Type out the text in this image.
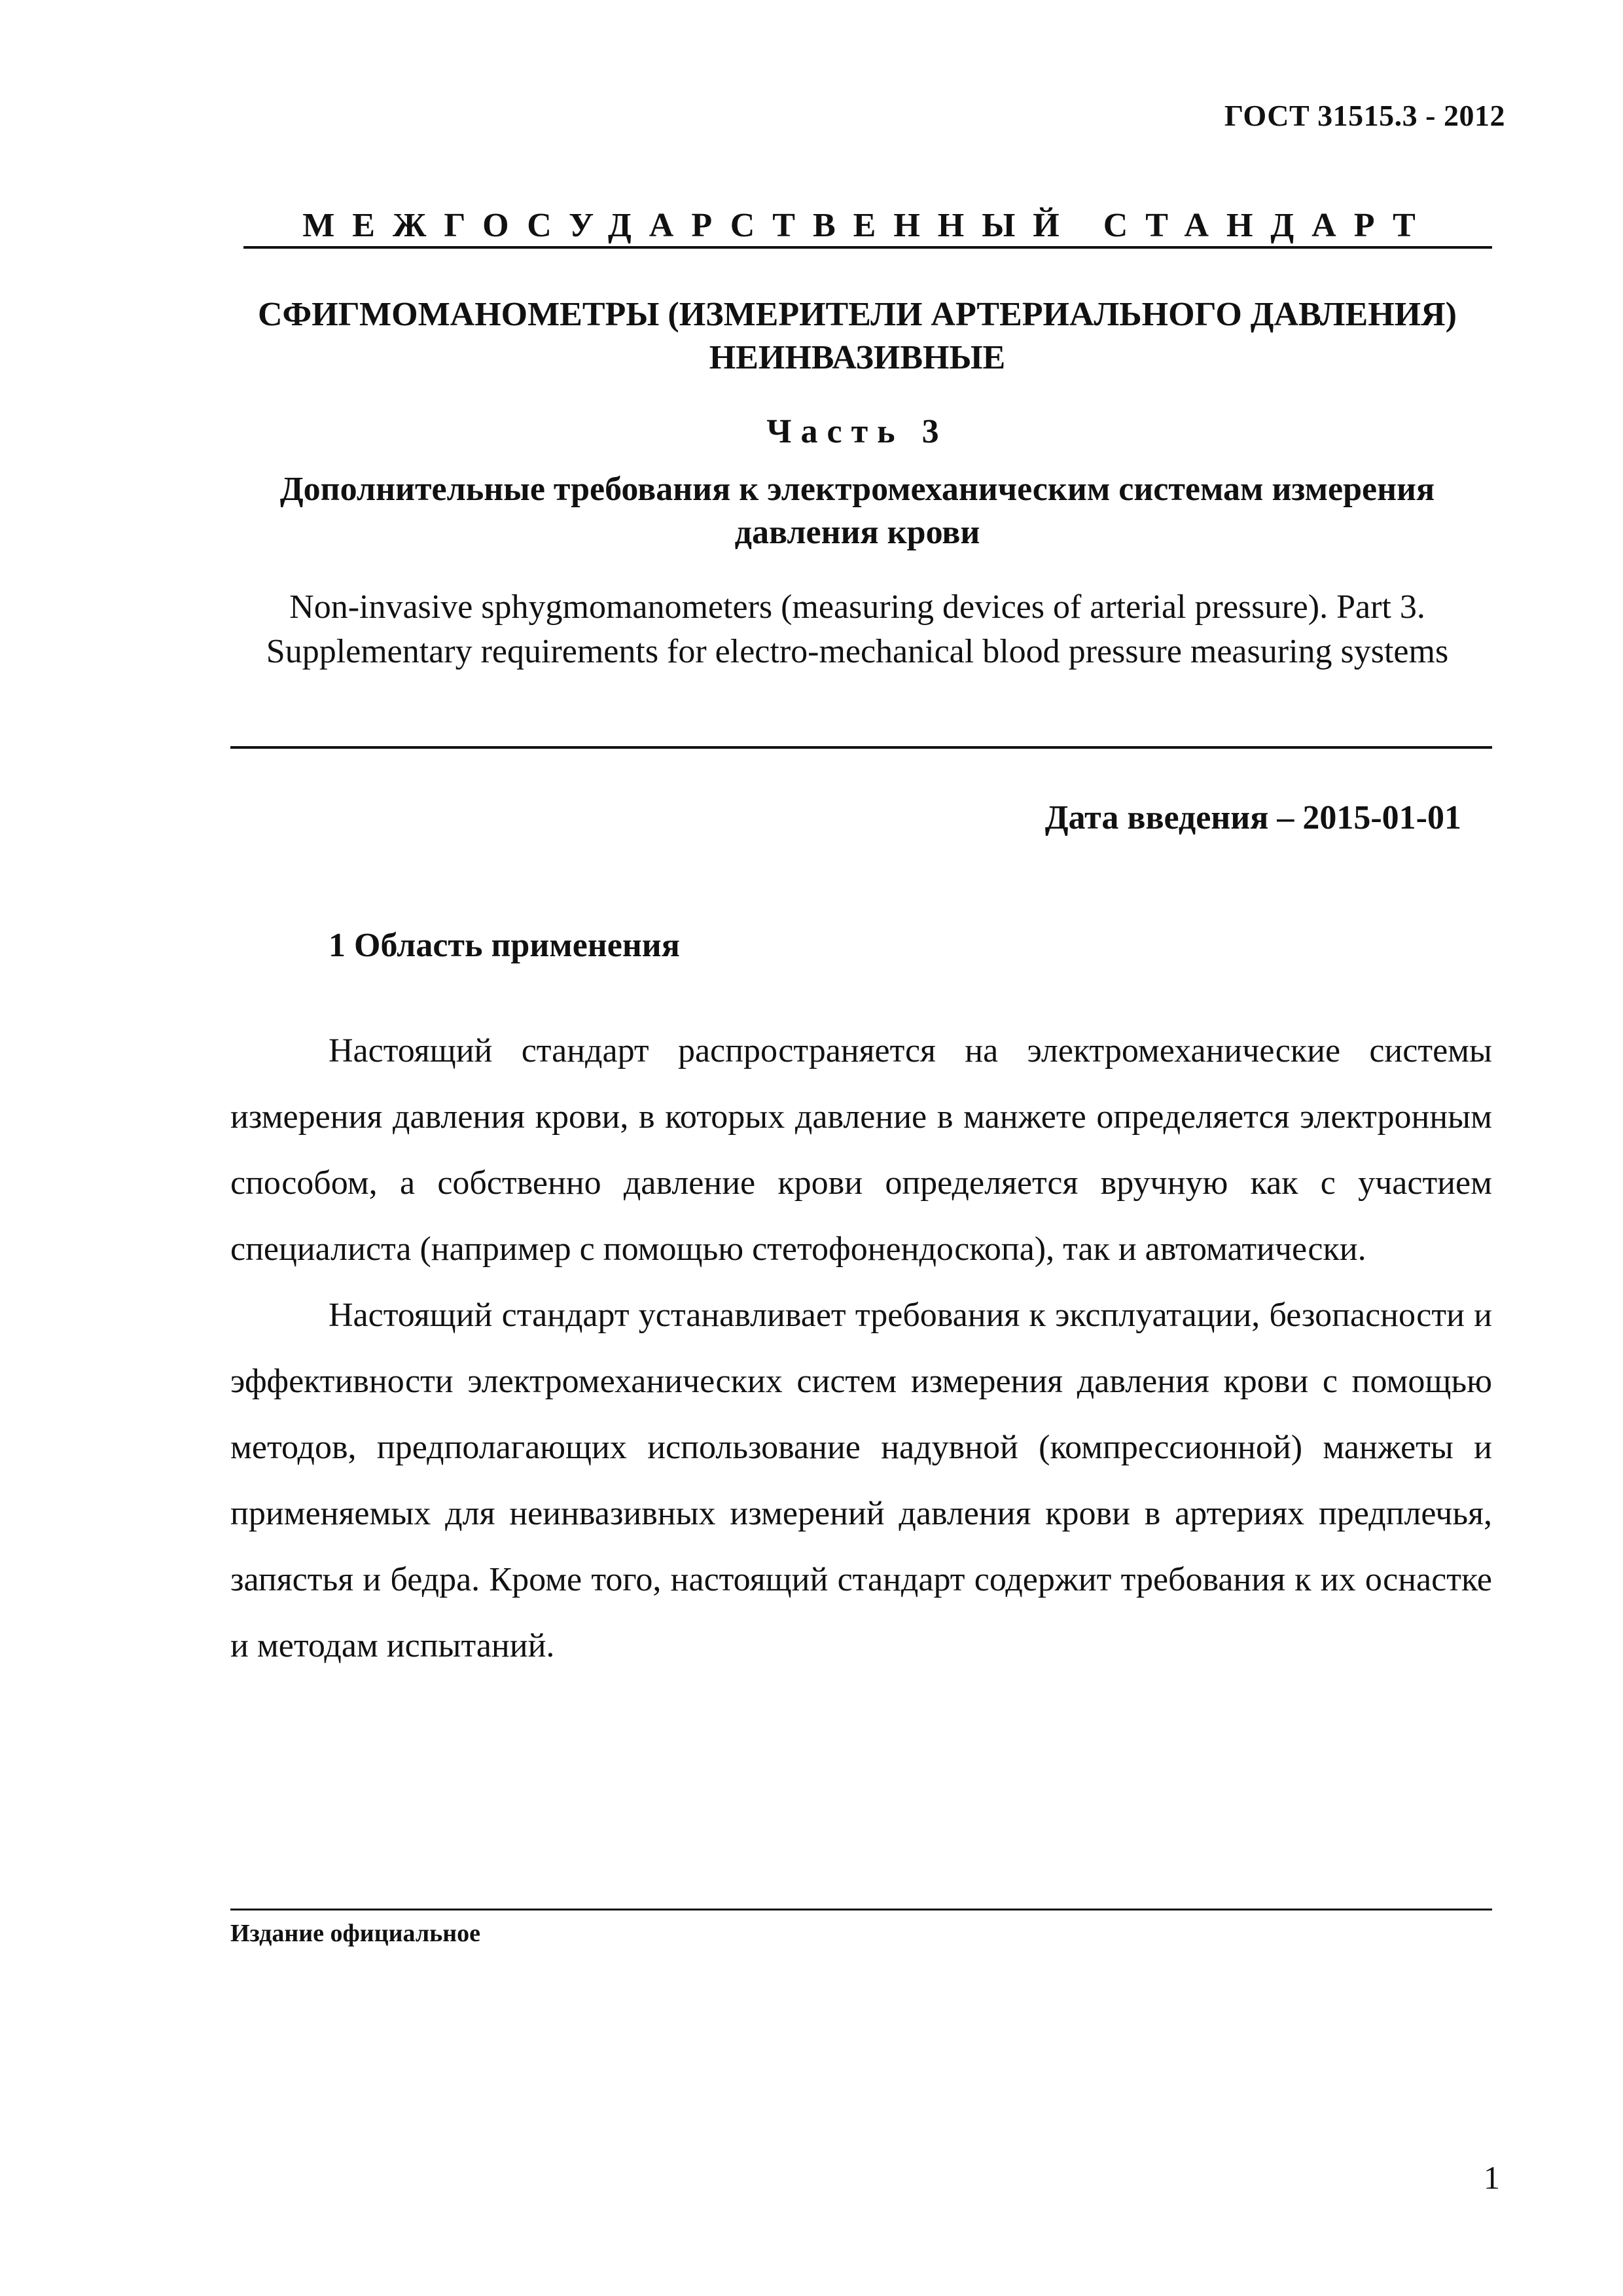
ГОСТ 31515.3 - 2012
МЕЖГОСУДАРСТВЕННЫЙ СТАНДАРТ
СФИГМОМАНОМЕТРЫ (ИЗМЕРИТЕЛИ АРТЕРИАЛЬНОГО ДАВЛЕНИЯ) НЕИНВАЗИВНЫЕ
Часть 3
Дополнительные требования к электромеханическим системам измерения давления крови
Non-invasive sphygmomanometers (measuring devices of arterial pressure). Part 3. Supplementary requirements for electro-mechanical blood pressure measuring systems
Дата введения – 2015-01-01
1 Область применения

Настоящий стандарт распространяется на электромеханические системы измерения давления крови, в которых давление в манжете определяется электронным способом, а собственно давление крови определяется вручную как с участием специалиста (например с помощью стетофонендоскопа), так и автоматически.

Настоящий стандарт устанавливает требования к эксплуатации, безопасности и эффективности электромеханических систем измерения давления крови с помощью методов, предполагающих использование надувной (компрессионной) манжеты и применяемых для неинвазивных измерений давления крови в артериях предплечья, запястья и бедра. Кроме того, настоящий стандарт содержит требования к их оснастке и методам испытаний.

Издание официальное
1
